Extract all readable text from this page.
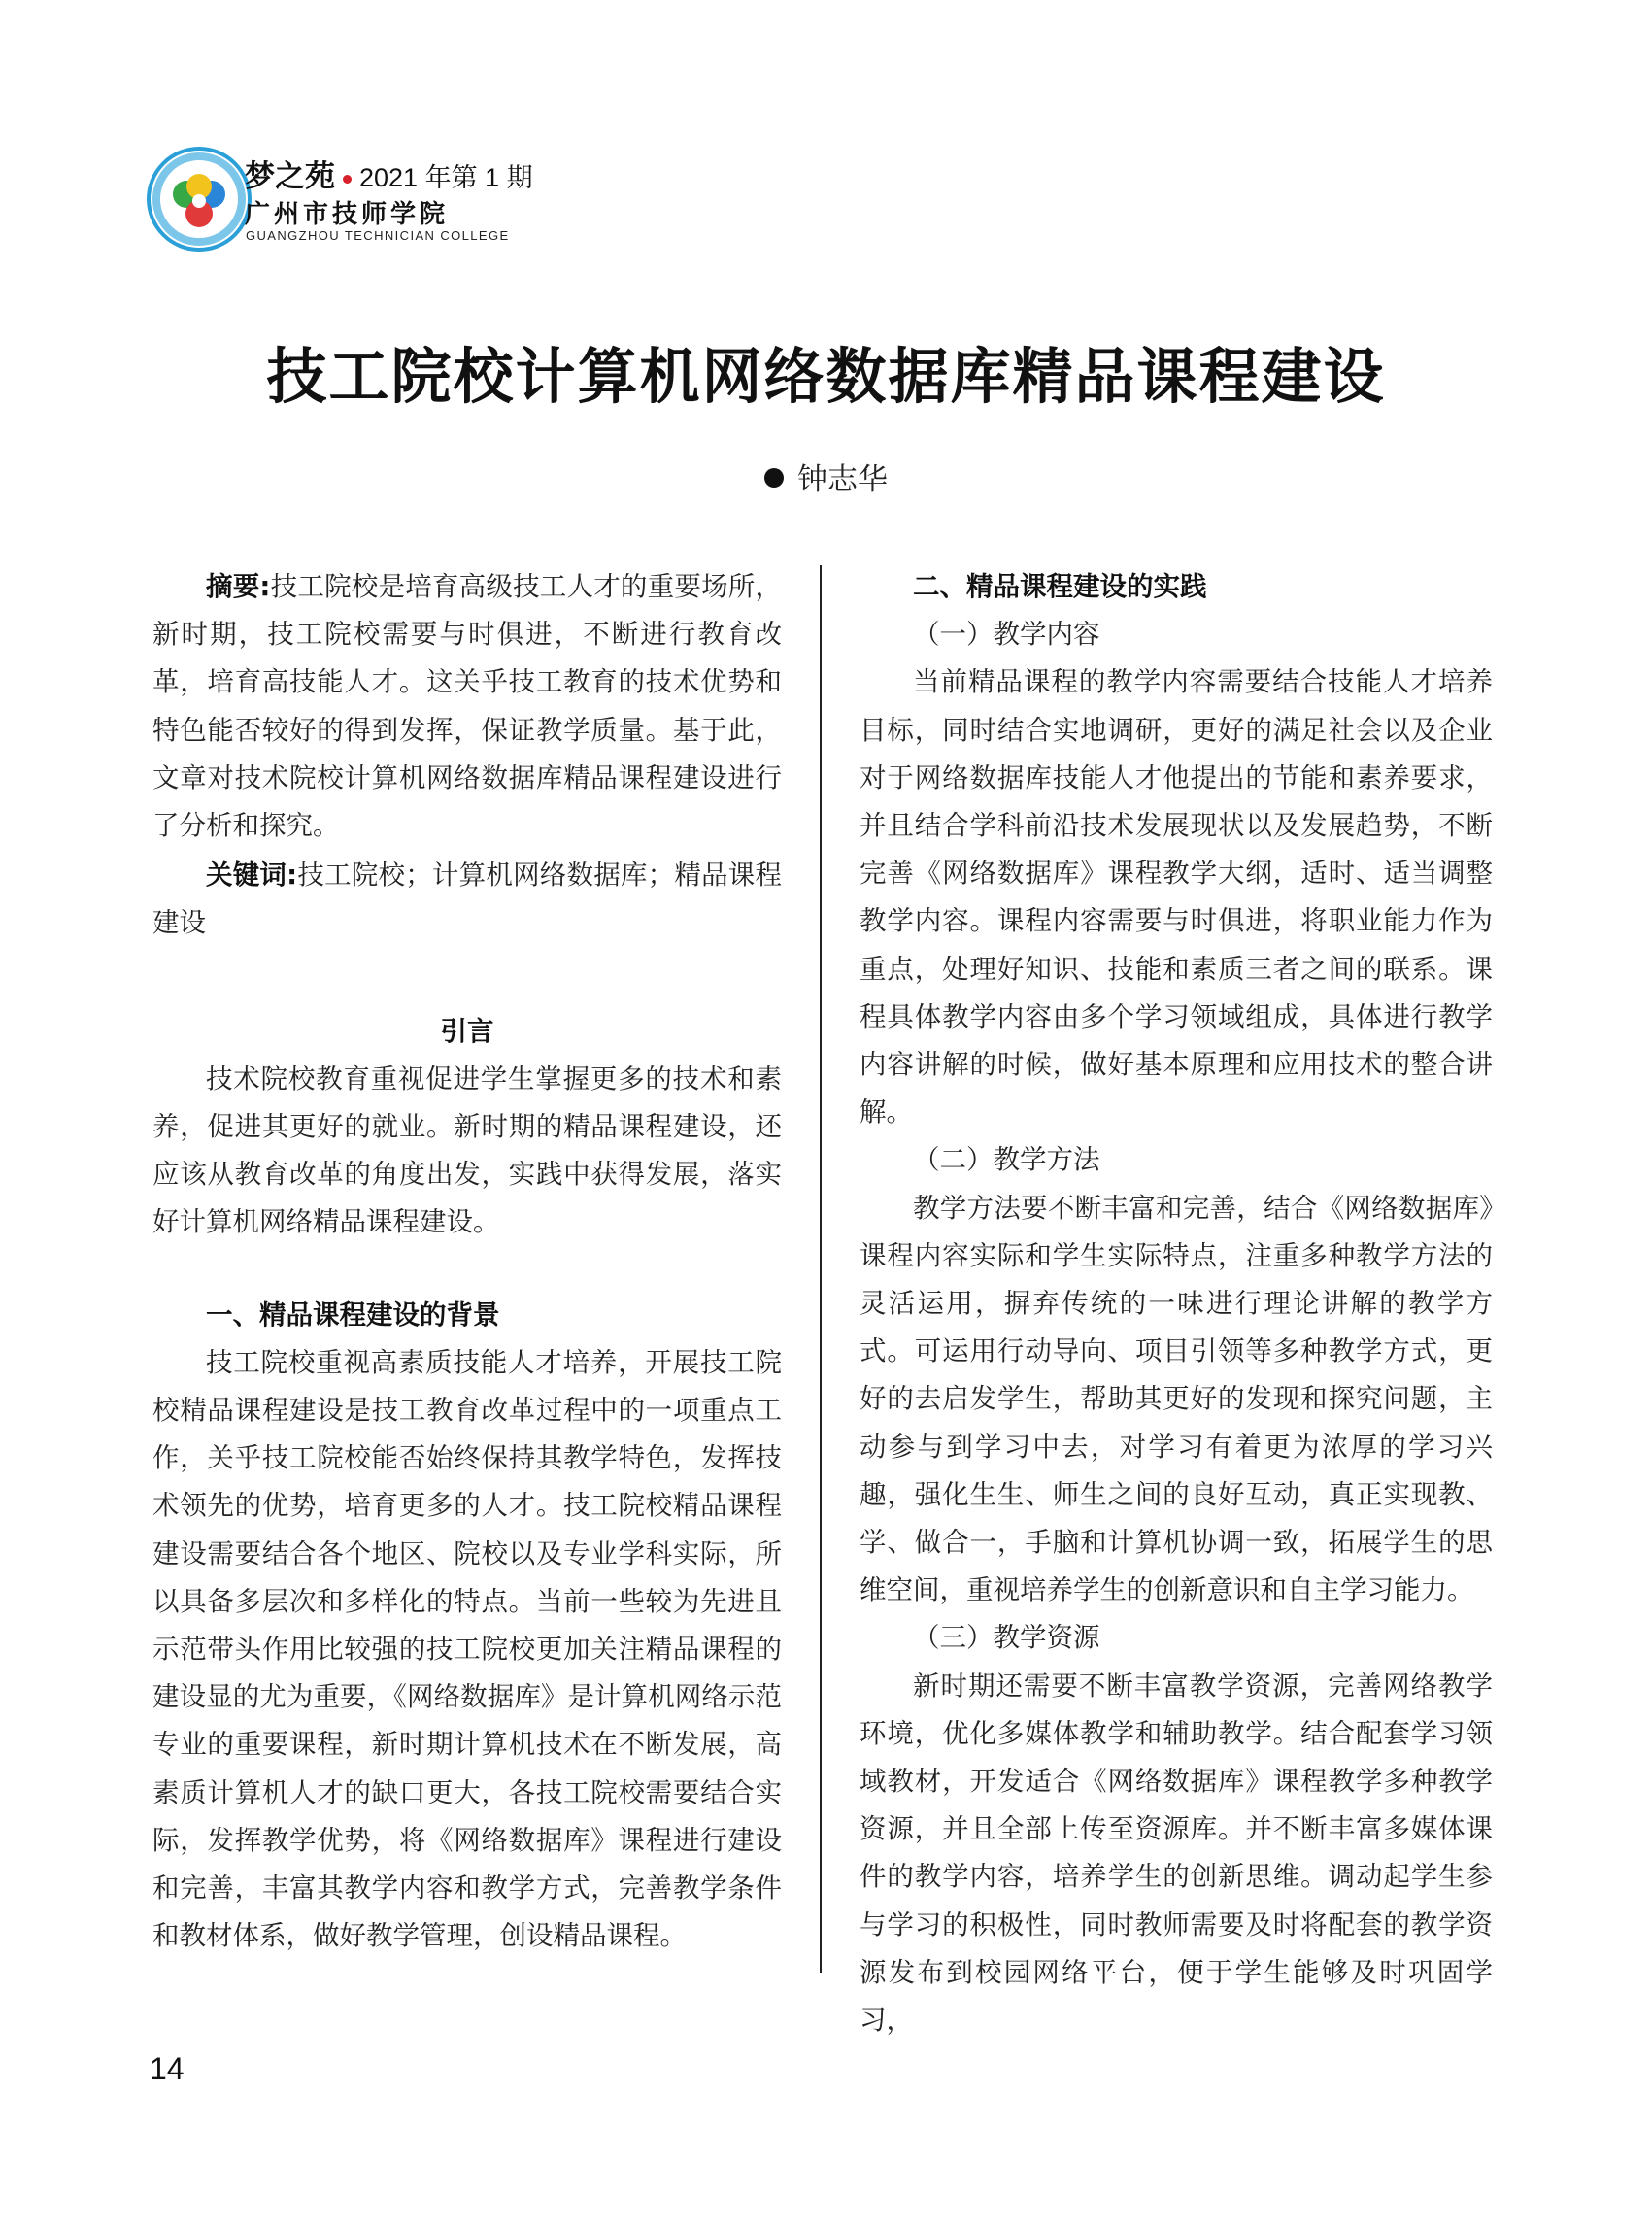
梦之苑 2021 年第 1 期
广州市技师学院
GUANGZHOU TECHNICIAN COLLEGE
技工院校计算机网络数据库精品课程建设
钟志华
摘要:技工院校是培育高级技工人才的重要场所，新时期，技工院校需要与时俱进，不断进行教育改革，培育高技能人才。这关乎技工教育的技术优势和特色能否较好的得到发挥，保证教学质量。基于此，文章对技术院校计算机网络数据库精品课程建设进行了分析和探究。
关键词:技工院校；计算机网络数据库；精品课程建设
引言

技术院校教育重视促进学生掌握更多的技术和素养，促进其更好的就业。新时期的精品课程建设，还应该从教育改革的角度出发，实践中获得发展，落实好计算机网络精品课程建设。

一、精品课程建设的背景

技工院校重视高素质技能人才培养，开展技工院校精品课程建设是技工教育改革过程中的一项重点工作，关乎技工院校能否始终保持其教学特色，发挥技术领先的优势，培育更多的人才。技工院校精品课程建设需要结合各个地区、院校以及专业学科实际，所以具备多层次和多样化的特点。当前一些较为先进且示范带头作用比较强的技工院校更加关注精品课程的建设显的尤为重要，《网络数据库》是计算机网络示范专业的重要课程，新时期计算机技术在不断发展，高素质计算机人才的缺口更大，各技工院校需要结合实际，发挥教学优势，将《网络数据库》课程进行建设和完善，丰富其教学内容和教学方式，完善教学条件和教材体系，做好教学管理，创设精品课程。

二、精品课程建设的实践
（一）教学内容

当前精品课程的教学内容需要结合技能人才培养目标，同时结合实地调研，更好的满足社会以及企业对于网络数据库技能人才他提出的节能和素养要求，并且结合学科前沿技术发展现状以及发展趋势，不断完善《网络数据库》课程教学大纲，适时、适当调整教学内容。课程内容需要与时俱进，将职业能力作为重点，处理好知识、技能和素质三者之间的联系。课程具体教学内容由多个学习领域组成，具体进行教学内容讲解的时候，做好基本原理和应用技术的整合讲解。

（二）教学方法

教学方法要不断丰富和完善，结合《网络数据库》课程内容实际和学生实际特点，注重多种教学方法的灵活运用，摒弃传统的一味进行理论讲解的教学方式。可运用行动导向、项目引领等多种教学方式，更好的去启发学生，帮助其更好的发现和探究问题，主动参与到学习中去，对学习有着更为浓厚的学习兴趣，强化生生、师生之间的良好互动，真正实现教、学、做合一，手脑和计算机协调一致，拓展学生的思维空间，重视培养学生的创新意识和自主学习能力。

（三）教学资源

新时期还需要不断丰富教学资源，完善网络教学环境，优化多媒体教学和辅助教学。结合配套学习领域教材，开发适合《网络数据库》课程教学多种教学资源，并且全部上传至资源库。并不断丰富多媒体课件的教学内容，培养学生的创新思维。调动起学生参与学习的积极性，同时教师需要及时将配套的教学资源发布到校园网络平台，便于学生能够及时巩固学习，

14
